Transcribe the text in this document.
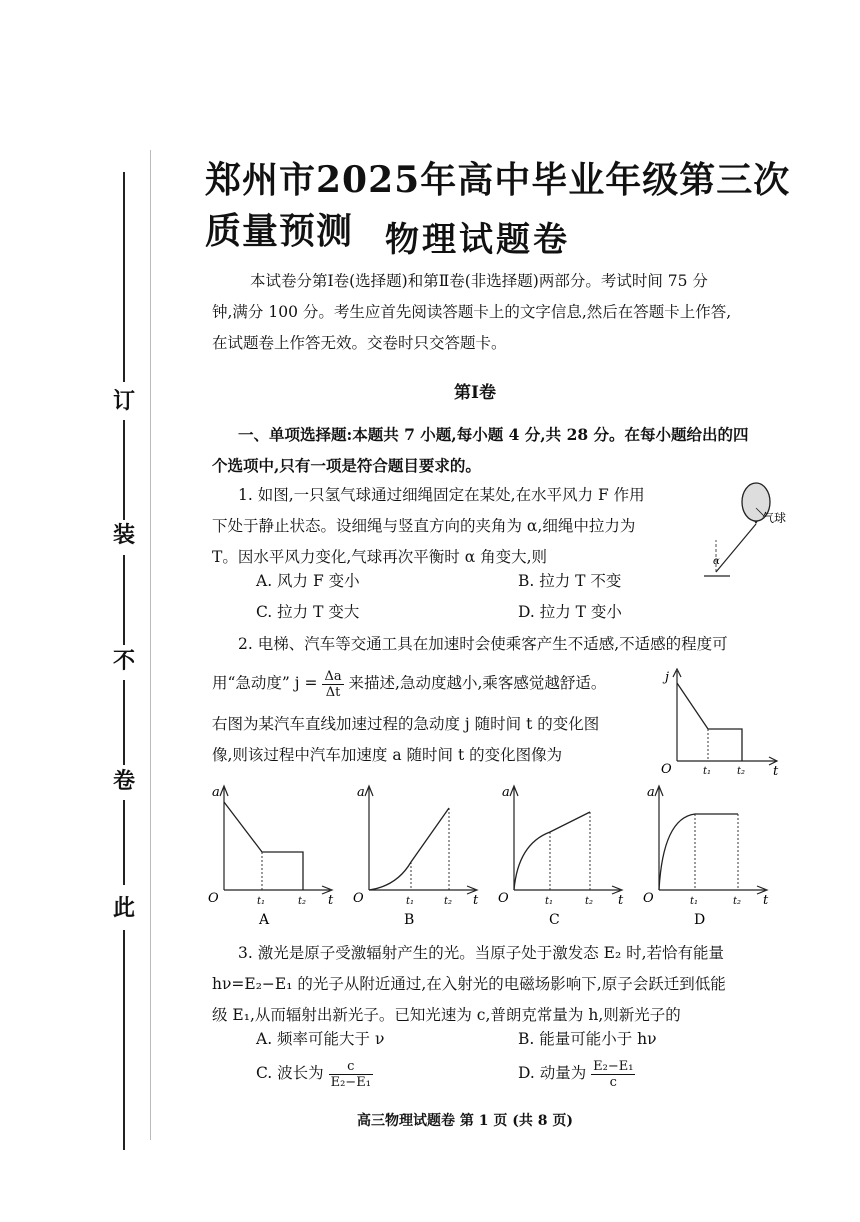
订
装
不
卷
此
郑州市2025年高中毕业年级第三次质量预测 物理试题卷
本试卷分第Ⅰ卷(选择题)和第Ⅱ卷(非选择题)两部分。考试时间 75 分
钟,满分 100 分。考生应首先阅读答题卡上的文字信息,然后在答题卡上作答,
在试题卷上作答无效。交卷时只交答题卡。
第Ⅰ卷
一、单项选择题:本题共 7 小题,每小题 4 分,共 28 分。在每小题给出的四
个选项中,只有一项是符合题目要求的。
1. 如图,一只氢气球通过细绳固定在某处,在水平风力 F 作用
下处于静止状态。设细绳与竖直方向的夹角为 α,细绳中拉力为
T。因水平风力变化,气球再次平衡时 α 角变大,则
A. 风力 F 变小	B. 拉力 T 不变
C. 拉力 T 变大	D. 拉力 T 变小
气球
α
2. 电梯、汽车等交通工具在加速时会使乘客产生不适感,不适感的程度可
用“急动度” $j = \frac{\Delta a}{\Delta t}$ 来描述,急动度越小,乘客感觉越舒适。
右图为某汽车直线加速过程的急动度 j 随时间 t 的变化图
像,则该过程中汽车加速度 a 随时间 t 的变化图像为
j
O	t₁	t₂ t
a
O	t₁	t₂ t
A
a
O	t₁	t₂ t
B
a
O	t₁	t₂ t
C
a
O	t₁	t₂ t
D
3. 激光是原子受激辐射产生的光。当原子处于激发态 E₂ 时,若恰有能量
hν=E₂−E₁ 的光子从附近通过,在入射光的电磁场影响下,原子会跃迁到低能
级 E₁,从而辐射出新光子。已知光速为 c,普朗克常量为 h,则新光子的
A. 频率可能大于 ν	B. 能量可能小于 hν
C. 波长为 $\frac{c}{\text{E₂−E₁}}$	D. 动量为 $\frac{\text{E₂−E₁}}{c}$
高三物理试题卷 第 1 页 (共 8 页)
